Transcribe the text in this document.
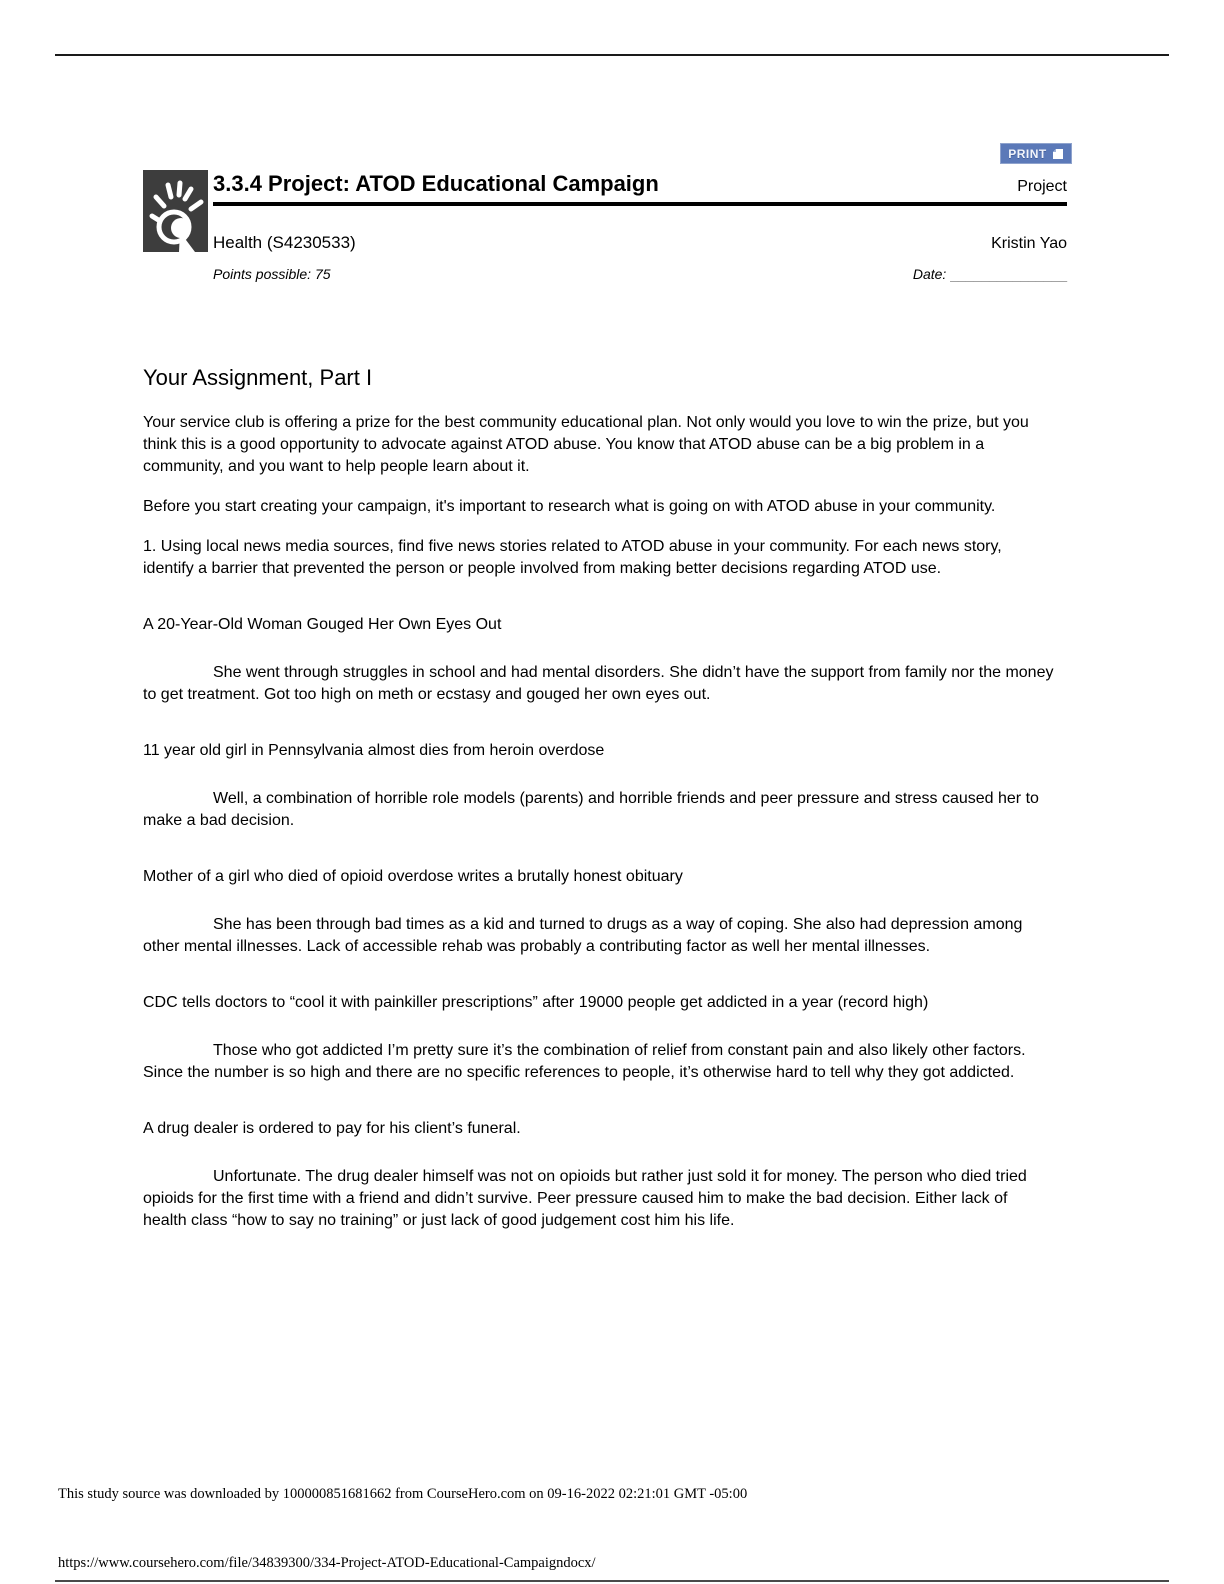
PRINT
3.3.4 Project: ATOD Educational Campaign	Project
Health (S4230533)	Kristin Yao
Points possible: 75	Date: _______________
Your Assignment, Part I

Your service club is offering a prize for the best community educational plan. Not only would you love to win the prize, but you think this is a good opportunity to advocate against ATOD abuse. You know that ATOD abuse can be a big problem in a community, and you want to help people learn about it.

Before you start creating your campaign, it's important to research what is going on with ATOD abuse in your community.

1. Using local news media sources, find five news stories related to ATOD abuse in your community. For each news story, identify a barrier that prevented the person or people involved from making better decisions regarding ATOD use.

A 20-Year-Old Woman Gouged Her Own Eyes Out

She went through struggles in school and had mental disorders. She didn’t have the support from family nor the money to get treatment. Got too high on meth or ecstasy and gouged her own eyes out.

11 year old girl in Pennsylvania almost dies from heroin overdose

Well, a combination of horrible role models (parents) and horrible friends and peer pressure and stress caused her to make a bad decision.

Mother of a girl who died of opioid overdose writes a brutally honest obituary

She has been through bad times as a kid and turned to drugs as a way of coping. She also had depression among other mental illnesses. Lack of accessible rehab was probably a contributing factor as well her mental illnesses.

CDC tells doctors to “cool it with painkiller prescriptions” after 19000 people get addicted in a year (record high)

Those who got addicted I’m pretty sure it’s the combination of relief from constant pain and also likely other factors. Since the number is so high and there are no specific references to people, it’s otherwise hard to tell why they got addicted.

A drug dealer is ordered to pay for his client’s funeral.

Unfortunate. The drug dealer himself was not on opioids but rather just sold it for money. The person who died tried opioids for the first time with a friend and didn’t survive. Peer pressure caused him to make the bad decision. Either lack of health class “how to say no training” or just lack of good judgement cost him his life.

This study source was downloaded by 100000851681662 from CourseHero.com on 09-16-2022 02:21:01 GMT -05:00
https://www.coursehero.com/file/34839300/334-Project-ATOD-Educational-Campaigndocx/
